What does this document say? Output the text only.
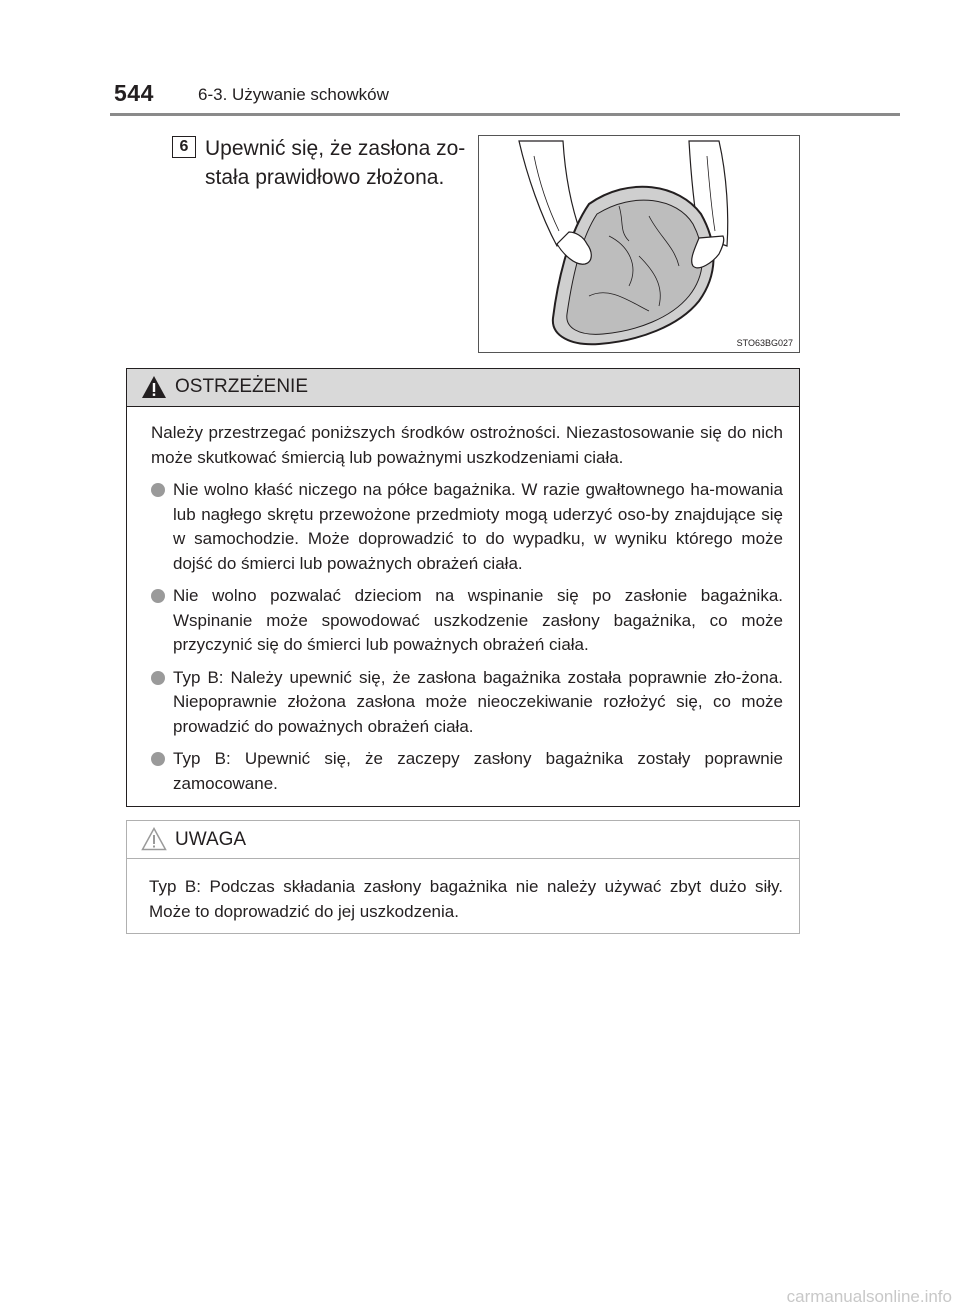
544	6-3. Używanie schowków
6 Upewnić się, że zasłona zo-stała prawidłowo złożona.
STO63BG027
OSTRZEŻENIE

Należy przestrzegać poniższych środków ostrożności. Niezastosowanie się do nich może skutkować śmiercią lub poważnymi uszkodzeniami ciała.

Nie wolno kłaść niczego na półce bagażnika. W razie gwałtownego ha-mowania lub nagłego skrętu przewożone przedmioty mogą uderzyć oso-by znajdujące się w samochodzie. Może doprowadzić to do wypadku, w wyniku którego może dojść do śmierci lub poważnych obrażeń ciała.
Nie wolno pozwalać dzieciom na wspinanie się po zasłonie bagażnika. Wspinanie może spowodować uszkodzenie zasłony bagażnika, co może przyczynić się do śmierci lub poważnych obrażeń ciała.
Typ B: Należy upewnić się, że zasłona bagażnika została poprawnie zło-żona. Niepoprawnie złożona zasłona może nieoczekiwanie rozłożyć się, co może prowadzić do poważnych obrażeń ciała.
Typ B: Upewnić się, że zaczepy zasłony bagażnika zostały poprawnie zamocowane.
UWAGA
Typ B: Podczas składania zasłony bagażnika nie należy używać zbyt dużo siły. Może to doprowadzić do jej uszkodzenia.
carmanualsonline.info
